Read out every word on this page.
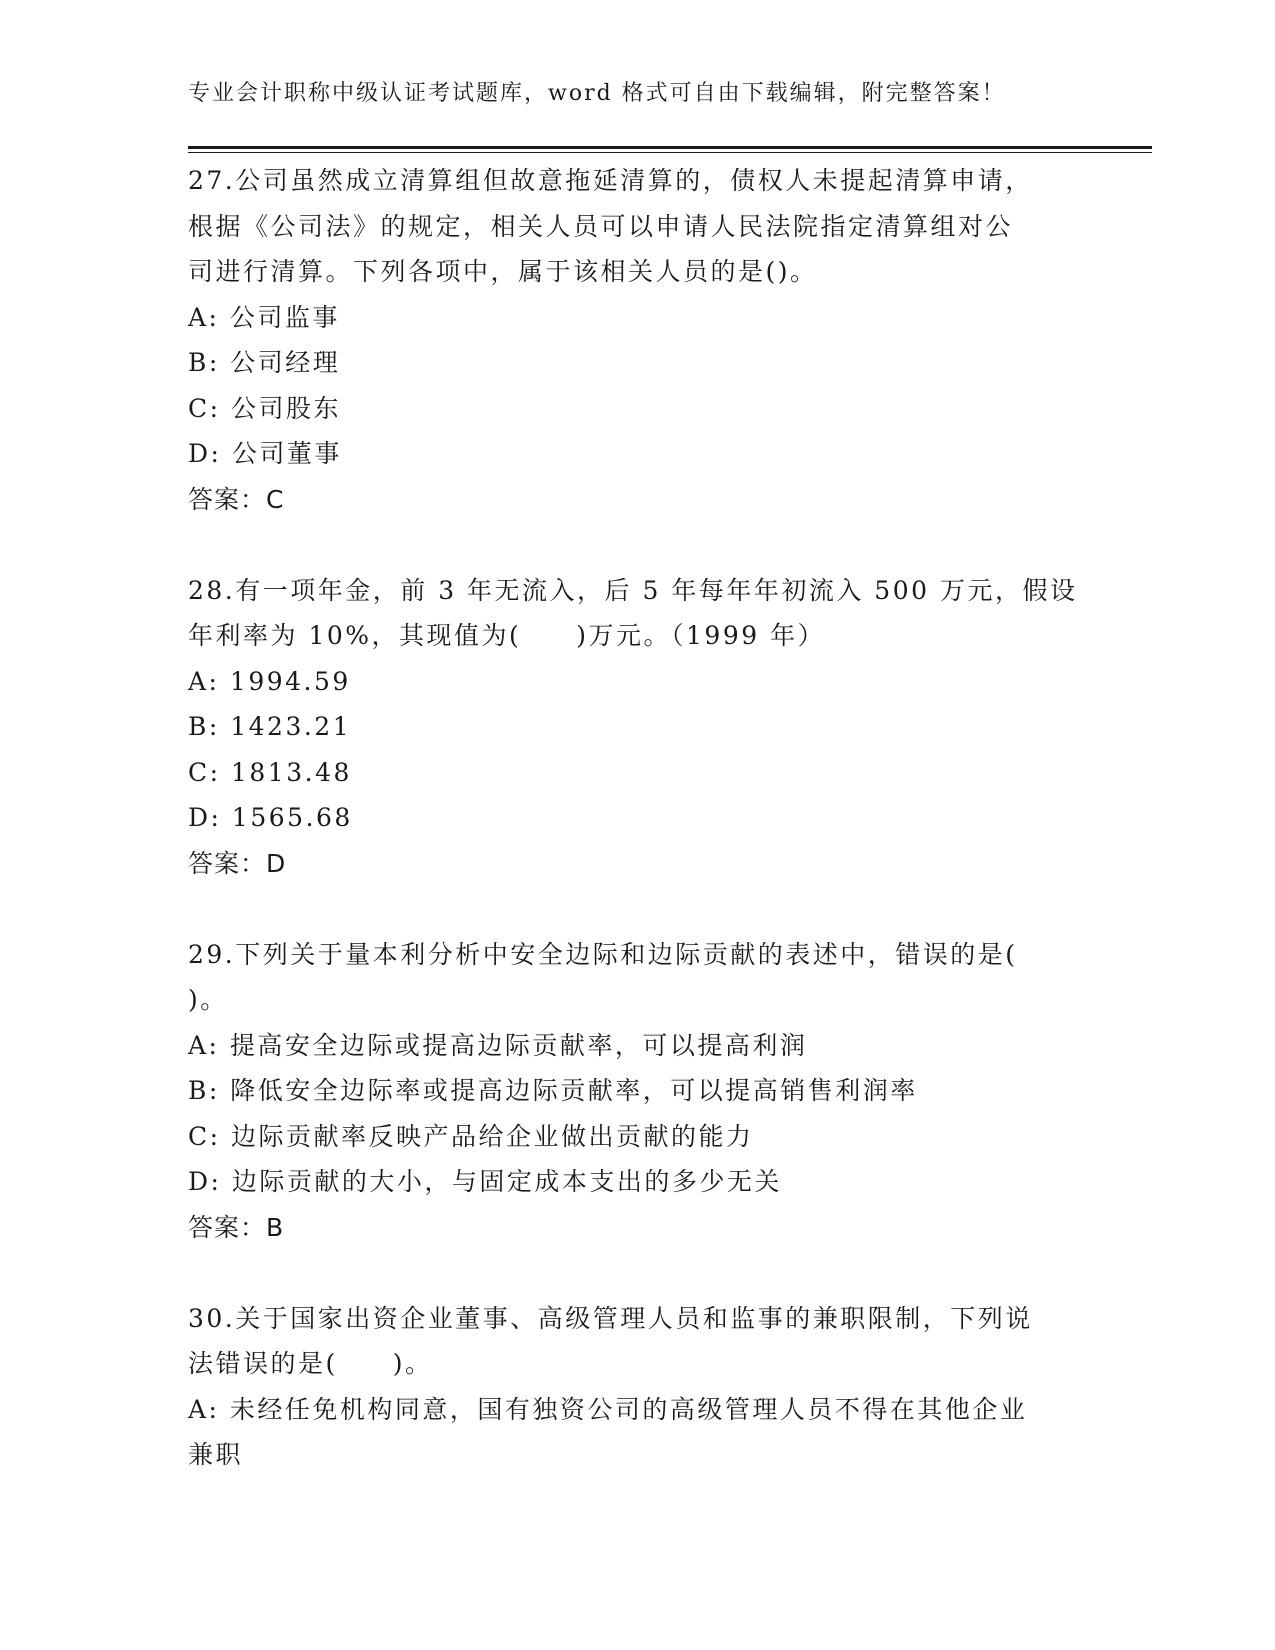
专业会计职称中级认证考试题库，word 格式可自由下载编辑，附完整答案！
27.公司虽然成立清算组但故意拖延清算的，债权人未提起清算申请，
根据《公司法》的规定，相关人员可以申请人民法院指定清算组对公
司进行清算。下列各项中，属于该相关人员的是()。
A: 公司监事
B: 公司经理
C: 公司股东
D: 公司董事
答案：C
28.有一项年金，前 3 年无流入，后 5 年每年年初流入 500 万元，假设
年利率为 10%，其现值为(　　)万元。（1999 年）
A: 1994.59
B: 1423.21
C: 1813.48
D: 1565.68
答案：D
29.下列关于量本利分析中安全边际和边际贡献的表述中，错误的是(
)。
A: 提高安全边际或提高边际贡献率，可以提高利润
B: 降低安全边际率或提高边际贡献率，可以提高销售利润率
C: 边际贡献率反映产品给企业做出贡献的能力
D: 边际贡献的大小，与固定成本支出的多少无关
答案：B
30.关于国家出资企业董事、高级管理人员和监事的兼职限制，下列说
法错误的是(　　)。
A: 未经任免机构同意，国有独资公司的高级管理人员不得在其他企业
兼职
